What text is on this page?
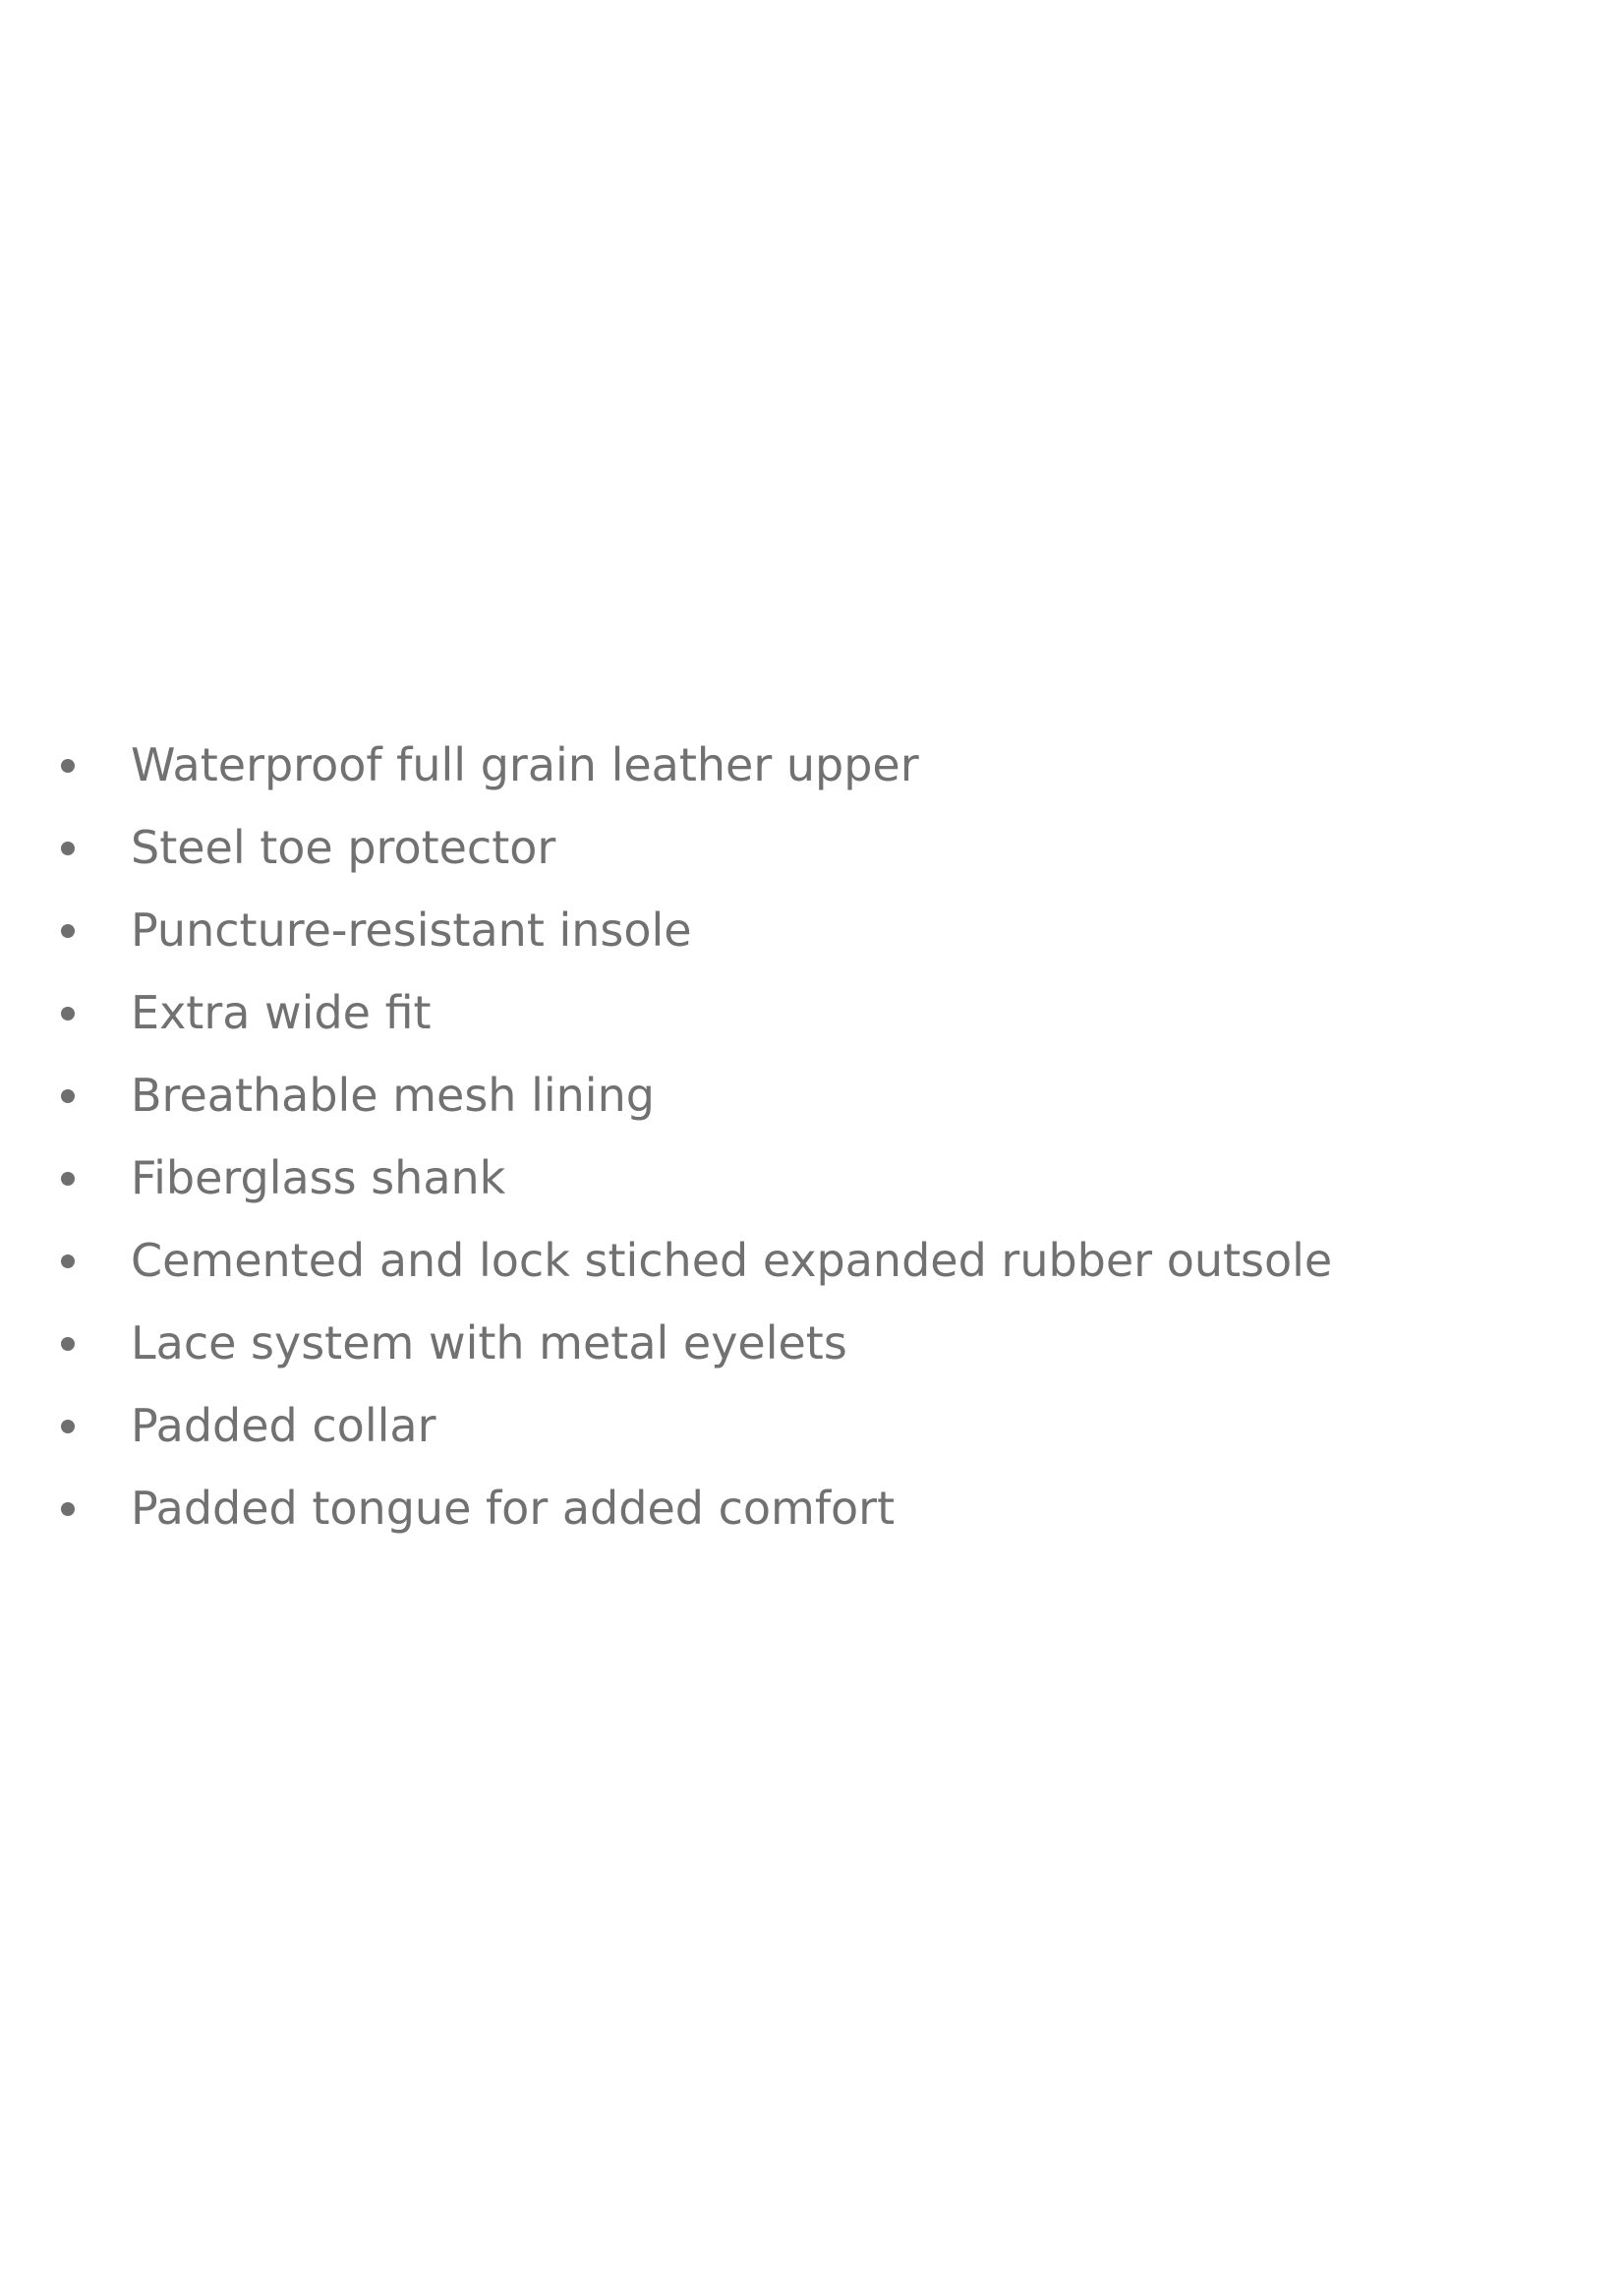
Waterproof full grain leather upper
Steel toe protector
Puncture-resistant insole
Extra wide fit
Breathable mesh lining
Fiberglass shank
Cemented and lock stiched expanded rubber outsole
Lace system with metal eyelets
Padded collar
Padded tongue for added comfort
